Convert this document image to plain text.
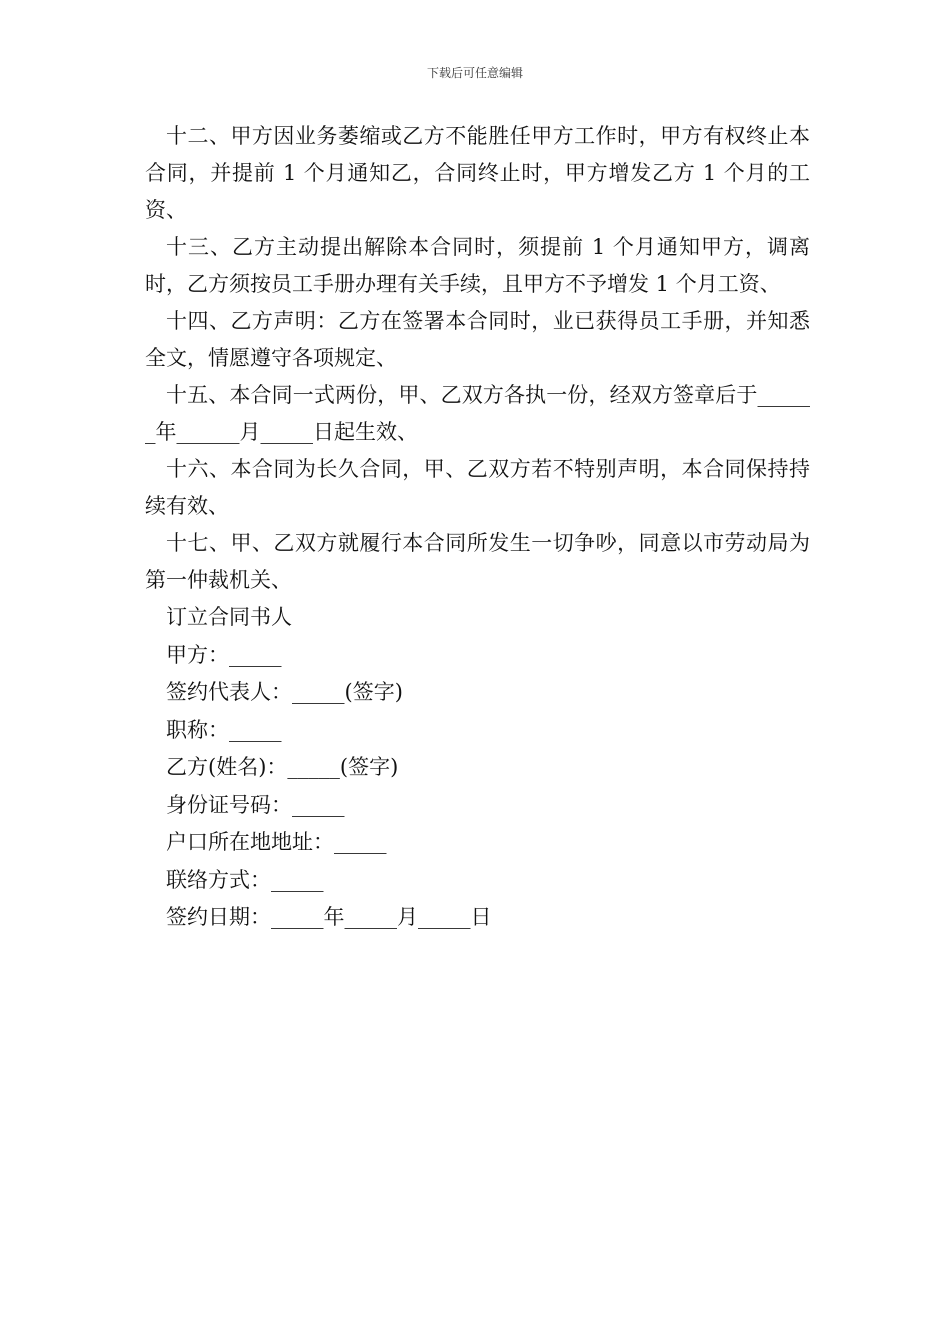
下载后可任意编辑

十二、甲方因业务萎缩或乙方不能胜任甲方工作时，甲方有权终止本合同，并提前 1 个月通知乙，合同终止时，甲方增发乙方 1 个月的工资、

十三、乙方主动提出解除本合同时，须提前 1 个月通知甲方，调离时，乙方须按员工手册办理有关手续，且甲方不予增发 1 个月工资、

十四、乙方声明：乙方在签署本合同时，业已获得员工手册，并知悉全文，情愿遵守各项规定、

十五、本合同一式两份，甲、乙双方各执一份，经双方签章后于______年______月_____日起生效、

十六、本合同为长久合同，甲、乙双方若不特别声明，本合同保持持续有效、

十七、甲、乙双方就履行本合同所发生一切争吵，同意以市劳动局为第一仲裁机关、

订立合同书人

甲方：_____

签约代表人：_____(签字)

职称：_____

乙方(姓名)：_____(签字)

身份证号码：_____

户口所在地地址：_____

联络方式：_____

签约日期：_____年_____月_____日
